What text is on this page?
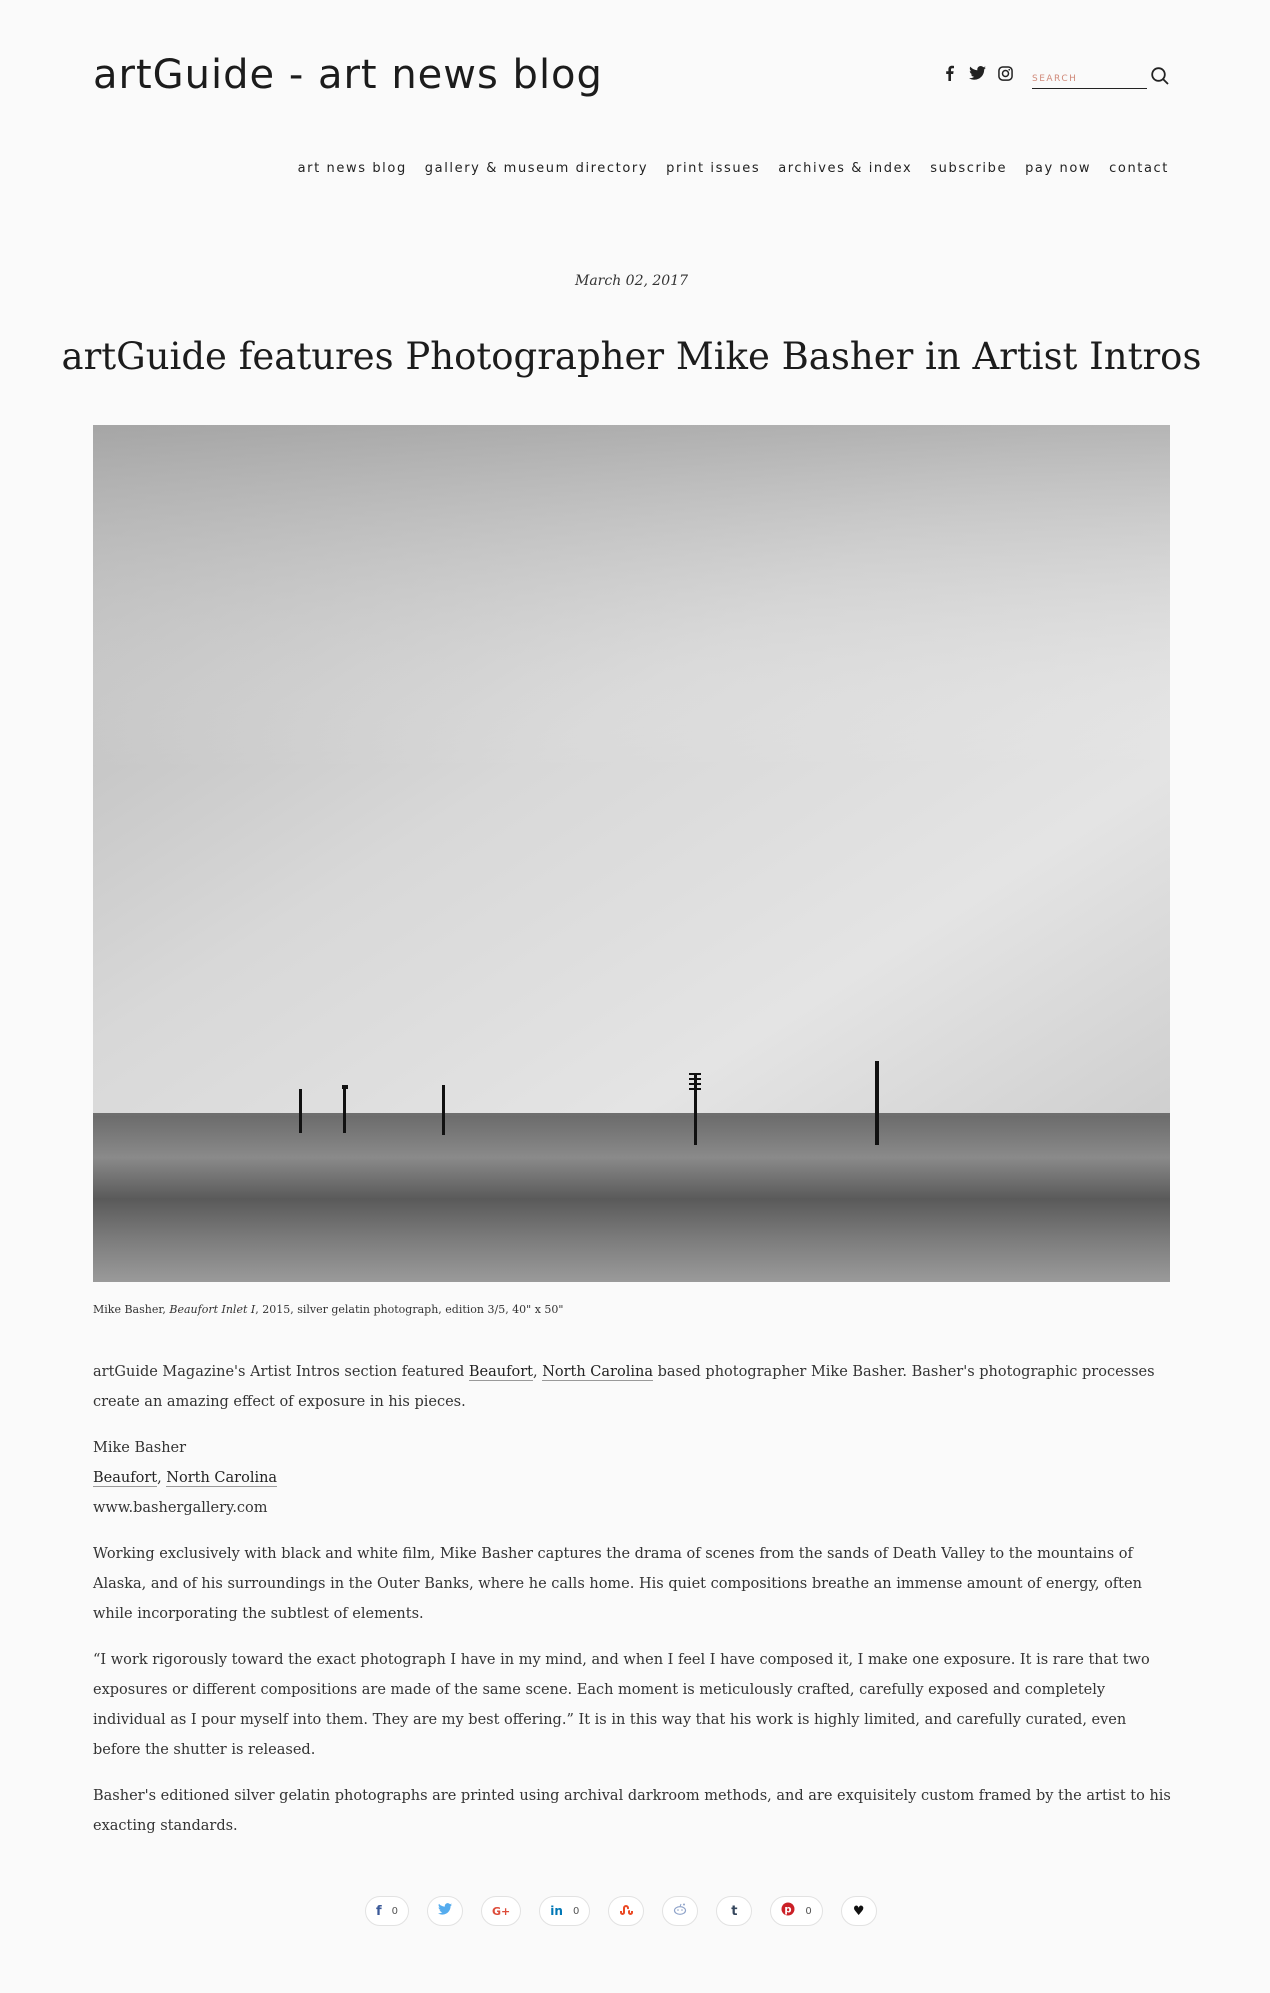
artGuide - art news blog
SEARCH
art news blog gallery & museum directory print issues archives & index subscribe pay now contact
March 02, 2017
artGuide features Photographer Mike Basher in Artist Intros
Mike Basher, Beaufort Inlet I, 2015, silver gelatin photograph, edition 3/5, 40" x 50"

artGuide Magazine's Artist Intros section featured Beaufort, North Carolina based photographer Mike Basher. Basher's photographic processes create an amazing effect of exposure in his pieces.

Mike Basher
Beaufort, North Carolina
www.bashergallery.com

Working exclusively with black and white film, Mike Basher captures the drama of scenes from the sands of Death Valley to the mountains of Alaska, and of his surroundings in the Outer Banks, where he calls home. His quiet compositions breathe an immense amount of energy, often while incorporating the subtlest of elements.

“I work rigorously toward the exact photograph I have in my mind, and when I feel I have composed it, I make one exposure. It is rare that two exposures or different compositions are made of the same scene. Each moment is meticulously crafted, carefully exposed and completely individual as I pour myself into them. They are my best offering.” It is in this way that his work is highly limited, and carefully curated, even before the shutter is released.

Basher's editioned silver gelatin photographs are printed using archival darkroom methods, and are exquisitely custom framed by the artist to his exacting standards.

f 0	G+	in 0	t	p 0	♥
